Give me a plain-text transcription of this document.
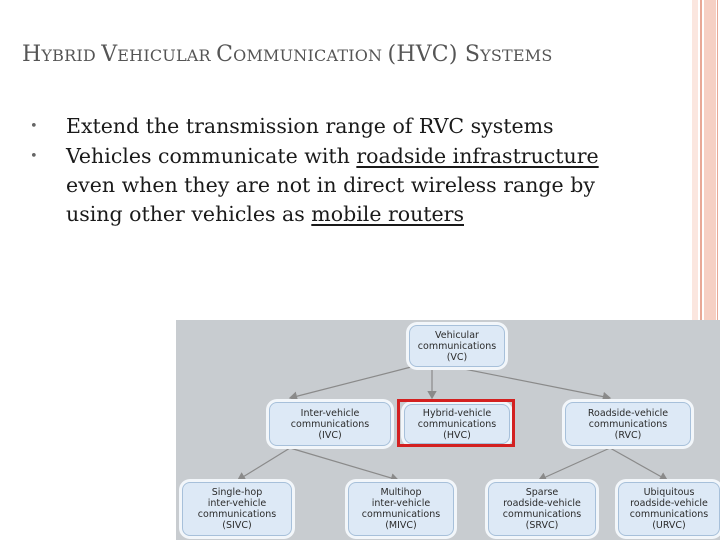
HYBRID VEHICULAR COMMUNICATION (HVC) SYSTEMS
• Extend the transmission range of RVC systems
• Vehicles communicate with roadside infrastructure even when they are not in direct wireless range by using other vehicles as mobile routers
Vehicular
communications
(VC)
Inter-vehicle
communications
(IVC)
Hybrid-vehicle
communications
(HVC)
Roadside-vehicle
communications
(RVC)
Single-hop
inter-vehicle
communications
(SIVC)
Multihop
inter-vehicle
communications
(MIVC)
Sparse
roadside-vehicle
communications
(SRVC)
Ubiquitous
roadside-vehicle
communications
(URVC)
